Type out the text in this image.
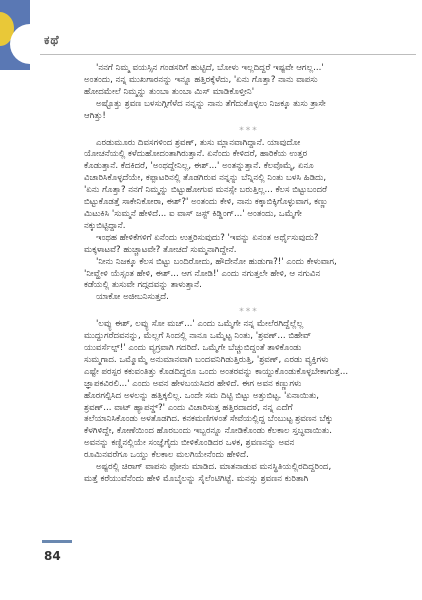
ಕಥೆ

'ನನಗೆ ನಿಮ್ಮ ವಯಸ್ಸಿನ ಗಂಡಸರಿಗೆ ಹುಟ್ಟಿದೆ, ಬೋಳು ಇಲ್ಲದಿದ್ದರೆ ಇಷ್ಟವೇ ಆಗಲ್ಲ...'

ಅಂತಂದು, ನನ್ನ ಮುಖಗಾರನನ್ನು ಇನ್ನೂ ಹತ್ತಿರಕ್ಕೆಳೆದು, 'ಏನು ಗೊತ್ತಾ? ನಾನು ವಾಪಸು

ಹೋದಮೇಲೆ ನಿಮ್ಮನ್ನು ತುಂಬಾ ತುಂಬಾ ಮಿಸ್ ಮಾಡಿಕೊಳ್ತೀನಿ'

ಅಷ್ಟೊತ್ತು ಶ್ರವಣ ಬಳಸುಗ್ಗಿಗೆಳೆದ ನನ್ನನ್ನು ನಾನು ತೆಗೆದುಕೊಳ್ಳಲು ನಿಜಕ್ಕೂ ತುಸು ತ್ರಾಸೇ

ಆಗಿತ್ತು!

***

ಎರಡುಮೂರು ದಿವಸಗಳಿಂದ ಶ್ರವಣ್, ತುಸು ಮ್ಲಾನವಾಗಿದ್ದಾನೆ. ಯಾವುದೋ

ಯೋಚನೆಯಲ್ಲಿ ಕಳೆದುಹೋದಂತಾಗಿರುತ್ತಾನೆ. ಏನೆಂದು ಕೇಳಿದರೆ, ಹಾರಿಕೆಯ ಉತ್ತರ

ಕೊಡುತ್ತಾನೆ. ಕೆದಕಿದರೆ, 'ಅಂಥದ್ದೇನಿಲ್ಲ, ಈಶ್...' ಅಂತನ್ನುತ್ತಾನೆ. ಕೆಲವೊಮ್ಮೆ, ಏನೂ

ವಿಚಾರಿಸಿಕೊಳ್ಳದೆಯೇ, ಕಪ್ಪಾಟರಿನಲ್ಲಿ ತೊಡಗಿರುವ ನನ್ನನ್ನು ಬೆನ್ನಿನಲ್ಲಿ ನಿಂತು ಬಳಸಿ ಹಿಡಿದು,

'ಏನು ಗೊತ್ತಾ? ನನಗೆ ನಿಮ್ಮನ್ನು ಬಿಟ್ಟುಹೋಗುವ ಮನಸ್ಸೇ ಬರುತ್ತಿಲ್ಲ... ಕೆಲಸ ಬಿಟ್ಟುಬಂದರೆ

ಬಿಟ್ಟುಕೊಡತ್ತೆ ಸಾಕೇನಿಕೋರಾ, ಈಶ್?' ಅಂತಂದು ಕೇಳಿ, ನಾನು ಕಕ್ಕಾಬಿಕ್ಕಿಗೊಳ್ಳುವಾಗ, ಕಣ್ಣು

ಮಿಟುಕಿಸಿ 'ಸುಮ್ಮನೆ ಹೇಳಿದೆ... ಐ ವಾಸ್ ಜಸ್ಟ್ ಕಿಡ್ಡಿಂಗ್...' ಅಂತಂದು, ಒಮ್ಮೆಗೇ

ನಕ್ಕುಬಿಟ್ಟಿದ್ದಾನೆ.

ಇಂಥಹ ಹೇಳಿಕೆಗಳಿಗೆ ಏನೆಂದು ಉತ್ತರಿಸುವುದು? 'ಇವನ್ನು ಏನಂತ ಅರ್ಥೈಸುವುದು?

ಮಕ್ಕಳಾಟವೆ? ಹುಚ್ಚಾಟವೇ? ತೋಚದೆ ಸುಮ್ಮನಾಗಿದ್ದೇನೆ.

'ನೀನು ನಿಜಕ್ಕೂ ಕೆಲಸ ಬಿಟ್ಟು ಬಂದಿರೋದು, ಹೌದೇನೋ ಹುಡುಗಾ?!' ಎಂದು ಕೇಳುವಾಗ,

'ನೀವ್ಹೇಳಿ ಯೆಸ್ಸಂತ ಹೇಳಿ, ಈಶ್... ಆಗ ನೋಡಿ!' ಎಂದು ನಗುತ್ತಲೇ ಹೇಳಿ, ಆ ನಗುವಿನ

ಕಡೆಯಲ್ಲಿ ತುಸುವೇ ಗದ್ಗದವನ್ನು ತಾಳುತ್ತಾನೆ.

ಯಾಕೋ ಅಜೀಬನಿಸುತ್ತದೆ.

***

'ಲವ್ಯು ಈಶ್, ಲವ್ಯು ಸೋ ಮಚ್...' ಎಂದು ಒಮ್ಮೆಗೇ ನನ್ನ ಮೇಲೆರಗಿದ್ದೆಲ್ಲೆಲ್ಲ

ಮುದ್ದುಗರೆದವನನ್ನು, ಮೆಲ್ಲಗೆ ಸಿಂದಲ್ಲಿ ನಾನೂ ಒಮ್ಮೆಟ್ಟ ನಿಂತು, 'ಶ್ರವಣ್... ಬಿಹೇವ್

ಯುವರ್ಸೆಲ್ಪ್!' ಎಂದು ವ್ಯಗ್ರವಾಗಿ ಗದರಿದೆ. ಒಮ್ಮೆಗೇ ಬೆಚ್ಚುಬಿದ್ದಂತೆ ತಾಳಿಕೊಂಡು

ಸುಮ್ಮಗಾದ. ಒಮ್ಮೊಮ್ಮೆ ಅನುಮಾನವಾಗಿ ಬಂದವನಿಗಿಡುತ್ತಿರುತ್ತಿ, 'ಶ್ರವಣ್, ಎರಡು ವ್ಯಕ್ತಿಗಳು

ಎಷ್ಟೇ ಪರಸ್ಪರ ಕಕುವಂತಿತ್ತು ಕೊಡದಿದ್ದರೂ ಒಂದು ಅಂತರವನ್ನು ಕಾಯ್ದುಕೊಂಡುಕೊಳ್ಳಬೇಕಾಗುತ್ತೆ...

ಜ್ಞಾಪಕವಿರಲಿ...' ಎಂದು ಅವನ ಹೇಳಬಯಸಿದರ ಹೇಳಿದೆ. ಈಗ ಅವನ ಕಣ್ಣುಗಳು

ಹೊರಗಲ್ಪಿಸಿದ ಅಳಲನ್ನು ಹತ್ತಿಕ್ಕಲಿಲ್ಲ. ಒಂದೇ ಸಮ ದಿಟ್ಟಿ ಬಿಟ್ಟು ಅತ್ತುಬಿಟ್ಟ. 'ಏನಾಯಿತು,

ಶ್ರವಣ್... ವಾಟ್ ಹ್ಯಾಪನ್ಡ್?' ಎಂದು ವಿಚಾರಿಸುತ್ತ ಹತ್ತಿರದಾದರೆ, ನನ್ನ ಎದೆಗೆ

ತಲೆಯಾನಿಸಿಕೊಂಡು ಅಳತೊಡಗಿದ. ಕನಕಮಣಿಗಳಂತೆ ಸೇವೆಯಲ್ಲಿದ್ದ ಬೆಂಬುಟ್ಟ ಶ್ರವಣನ ಬೆಕ್ಕು

ಕೆಳಗಿಳಿದ್ದೇ, ಕೋಣೆಯಿಂದ ಹೊರಬಂದು ಇಬ್ಬರನ್ನೂ ನೋಡಿಕೊಂಡು ಕೆಲಕಾಲ ಸ್ತಬ್ಧವಾಯಿತು.

ಅವನನ್ನು ಕಣ್ಣಿನಲ್ಲಿಯೇ ಸಂಜ್ಞೆಗೈದು ಬೀಳಿಕೊಂಡಿದರ ಒಳಕ, ಶ್ರವಣನನ್ನು ಅವನ

ರೂಮಿನವರೆಗೂ ಒಯ್ದು ಕೆಲಕಾಲ ಮಲಗಿಯೇನೆಂದು ಹೇಳಿದೆ.

ಅಷ್ಟರಲ್ಲಿ ಚಿರಾಗ್ ವಾಪಸು ಫೋನು ಮಾಡಿದ. ಮಾತನಾಡುವ ಮನಸ್ಥಿತಿಯಲ್ಲಿರದಿದ್ದರಿಂದ,

ಮತ್ತೆ ಕರೆಯುವೆನೆಂದು ಹೇಳಿ ಮೊಬೈಲನ್ನು ಸೈಲೆಂಟಿಗಿಟ್ಟೆ. ಮನಸ್ಸು ಶ್ರವಣನ ಕುರಿತಾಗಿ

84
